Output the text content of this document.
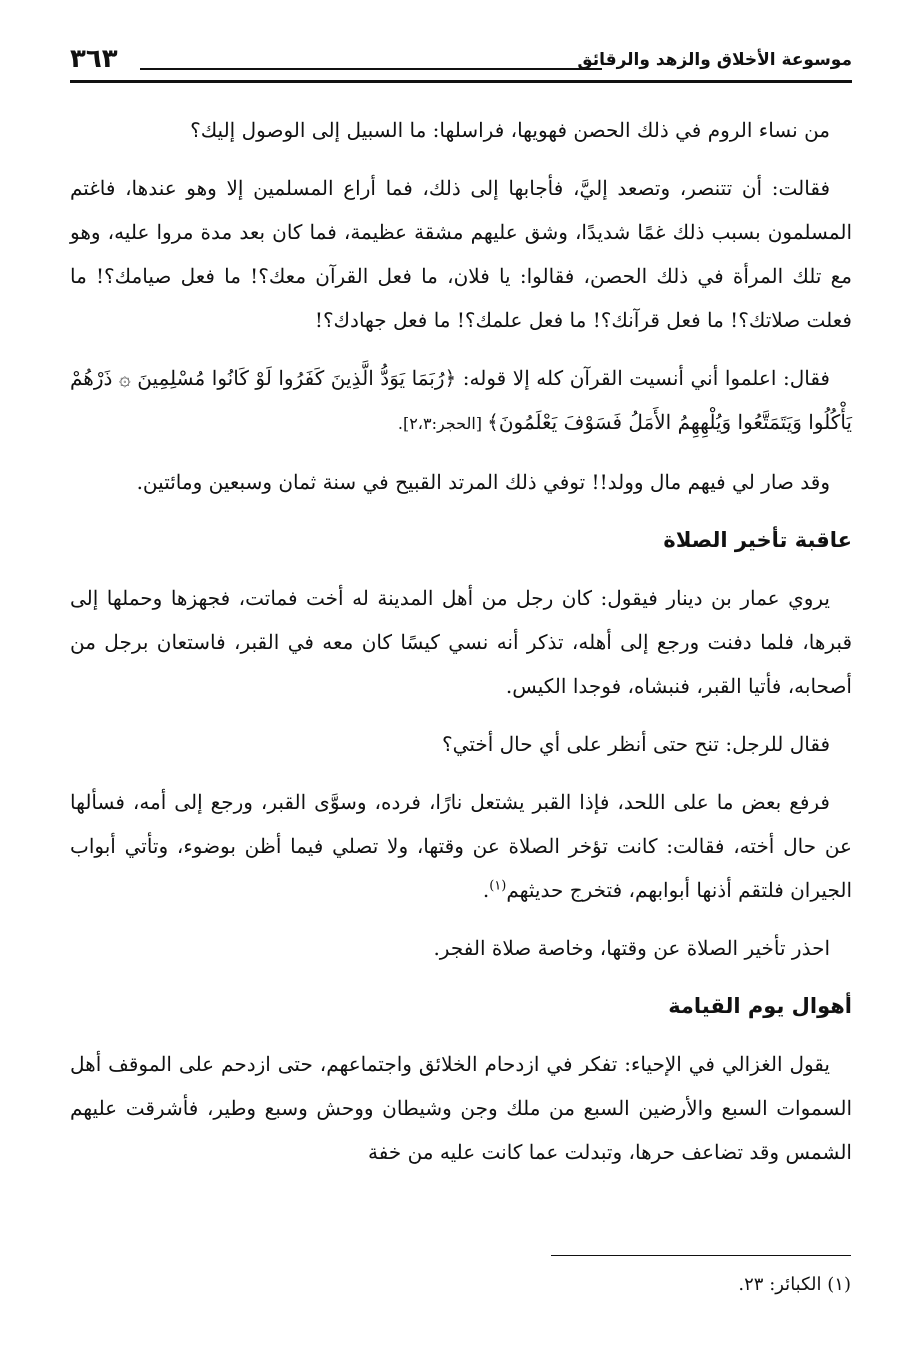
موسوعة الأخلاق والزهد والرقائق
٣٦٣

من نساء الروم في ذلك الحصن فهويها، فراسلها: ما السبيل إلى الوصول إليك؟

فقالت: أن تتنصر، وتصعد إليَّ، فأجابها إلى ذلك، فما أراع المسلمين إلا وهو عندها، فاغتم المسلمون بسبب ذلك غمًا شديدًا، وشق عليهم مشقة عظيمة، فما كان بعد مدة مروا عليه، وهو مع تلك المرأة في ذلك الحصن، فقالوا: يا فلان، ما فعل القرآن معك؟! ما فعل صيامك؟! ما فعلت صلاتك؟! ما فعل قرآنك؟! ما فعل علمك؟! ما فعل جهادك؟!

فقال: اعلموا أني أنسيت القرآن كله إلا قوله: ﴿رُبَمَا يَوَدُّ الَّذِينَ كَفَرُوا لَوْ كَانُوا مُسْلِمِينَ ۞ ذَرْهُمْ يَأْكُلُوا وَيَتَمَتَّعُوا وَيُلْهِهِمُ الأَمَلُ فَسَوْفَ يَعْلَمُونَ﴾ [الحجر:٢،٣].

وقد صار لي فيهم مال وولد!! توفي ذلك المرتد القبيح في سنة ثمان وسبعين ومائتين.

عاقبة تأخير الصلاة

يروي عمار بن دينار فيقول: كان رجل من أهل المدينة له أخت فماتت، فجهزها وحملها إلى قبرها، فلما دفنت ورجع إلى أهله، تذكر أنه نسي كيسًا كان معه في القبر، فاستعان برجل من أصحابه، فأتيا القبر، فنبشاه، فوجدا الكيس.

فقال للرجل: تنح حتى أنظر على أي حال أختي؟

فرفع بعض ما على اللحد، فإذا القبر يشتعل نارًا، فرده، وسوَّى القبر، ورجع إلى أمه، فسألها عن حال أخته، فقالت: كانت تؤخر الصلاة عن وقتها، ولا تصلي فيما أظن بوضوء، وتأتي أبواب الجيران فلتقم أذنها أبوابهم، فتخرج حديثهم$^{(١)}$.

احذر تأخير الصلاة عن وقتها، وخاصة صلاة الفجر.

أهوال يوم القيامة

يقول الغزالي في الإحياء: تفكر في ازدحام الخلائق واجتماعهم، حتى ازدحم على الموقف أهل السموات السبع والأرضين السبع من ملك وجن وشيطان ووحش وسبع وطير، فأشرقت عليهم الشمس وقد تضاعف حرها، وتبدلت عما كانت عليه من خفة

(١) الكبائر: ٢٣.
